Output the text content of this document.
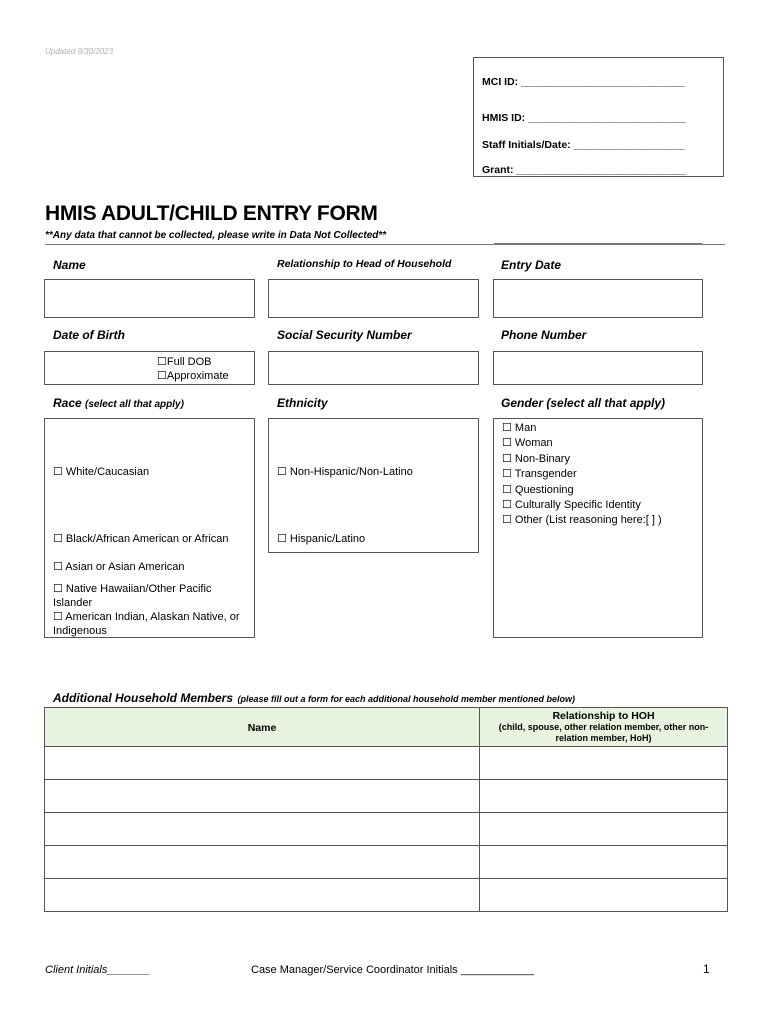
Updated 9/30/2023
MCI ID: ____________________________
HMIS ID: ___________________________
Staff Initials/Date: ___________________
Grant: _____________________________
HMIS ADULT/CHILD ENTRY FORM
**Any data that cannot be collected, please write in Data Not Collected**
Name	Relationship to Head of Household	Entry Date
Date of Birth	Social Security Number	Phone Number
☐Full DOB
☐Approximate
Race (select all that apply)	Ethnicity	Gender (select all that apply)
☐ White/Caucasian
☐ Black/African American or African
☐ Asian or Asian American
☐ Native Hawaiian/Other Pacific Islander
☐ American Indian, Alaskan Native, or Indigenous
☐ Non-Hispanic/Non-Latino
☐ Hispanic/Latino
☐ Man
☐ Woman
☐ Non-Binary
☐ Transgender
☐ Questioning
☐ Culturally Specific Identity
☐ Other (List reasoning here:[ ] )
Additional Household Members (please fill out a form for each additional household member mentioned below)
Name	Relationship to HOH
(child, spouse, other relation member, other non-relation member, HoH)

Client Initials_______	Case Manager/Service Coordinator Initials ____________	1
